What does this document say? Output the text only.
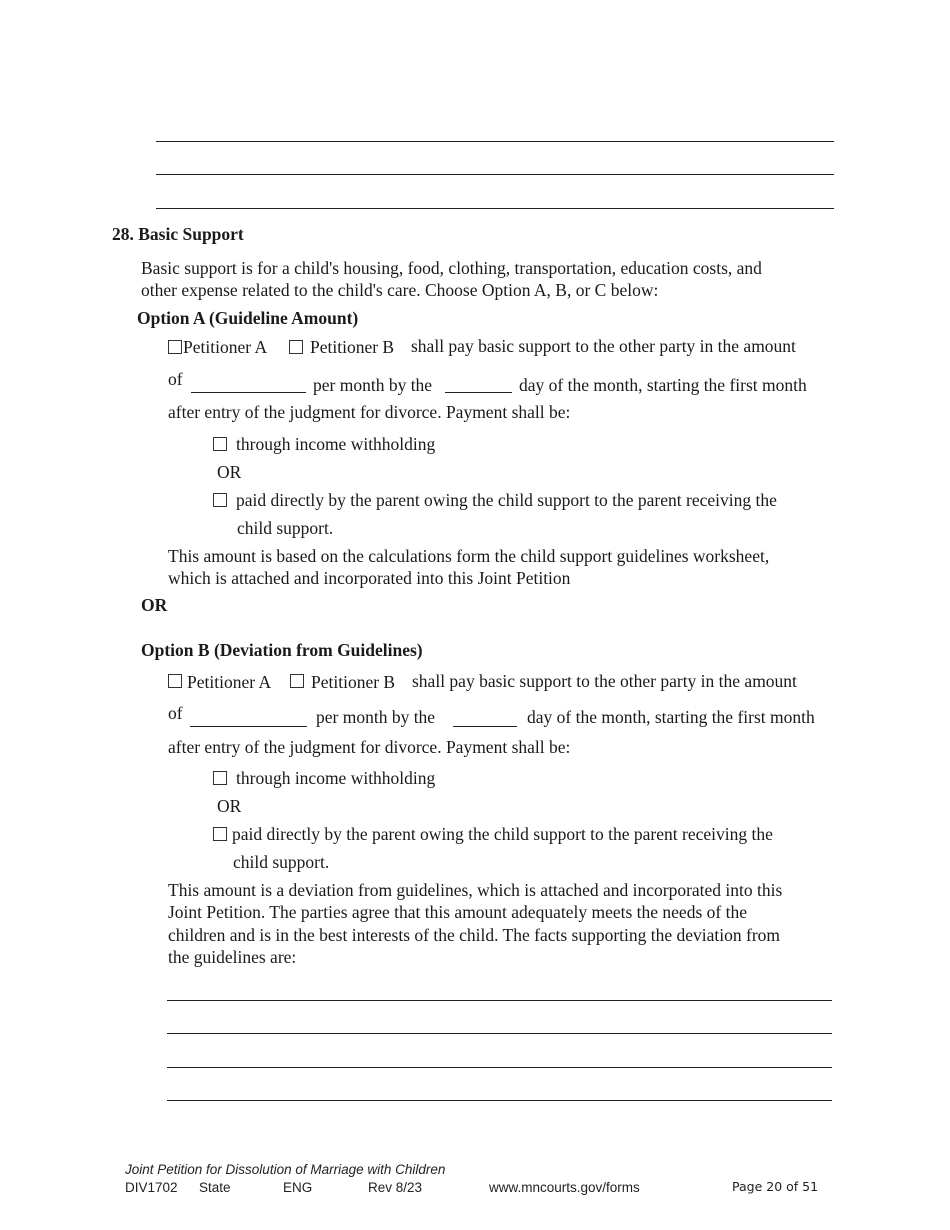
28. Basic Support
Basic support is for a child's housing, food, clothing, transportation, education costs, and
other expense related to the child's care. Choose Option A, B, or C below:
Option A (Guideline Amount)
Petitioner A Petitioner B shall pay basic support to the other party in the amount
of	per month by the	day of the month, starting the first month
after entry of the judgment for divorce. Payment shall be:
through income withholding
OR
paid directly by the parent owing the child support to the parent receiving the
child support.
This amount is based on the calculations form the child support guidelines worksheet,
which is attached and incorporated into this Joint Petition
OR
Option B (Deviation from Guidelines)
Petitioner A Petitioner B shall pay basic support to the other party in the amount
of	per month by the	day of the month, starting the first month
after entry of the judgment for divorce. Payment shall be:
through income withholding
OR
paid directly by the parent owing the child support to the parent receiving the
child support.
This amount is a deviation from guidelines, which is attached and incorporated into this
Joint Petition. The parties agree that this amount adequately meets the needs of the
children and is in the best interests of the child. The facts supporting the deviation from
the guidelines are:
Joint Petition for Dissolution of Marriage with Children
DIV1702 State	ENG	Rev 8/23	www.mncourts.gov/forms	Page 20 of 51
